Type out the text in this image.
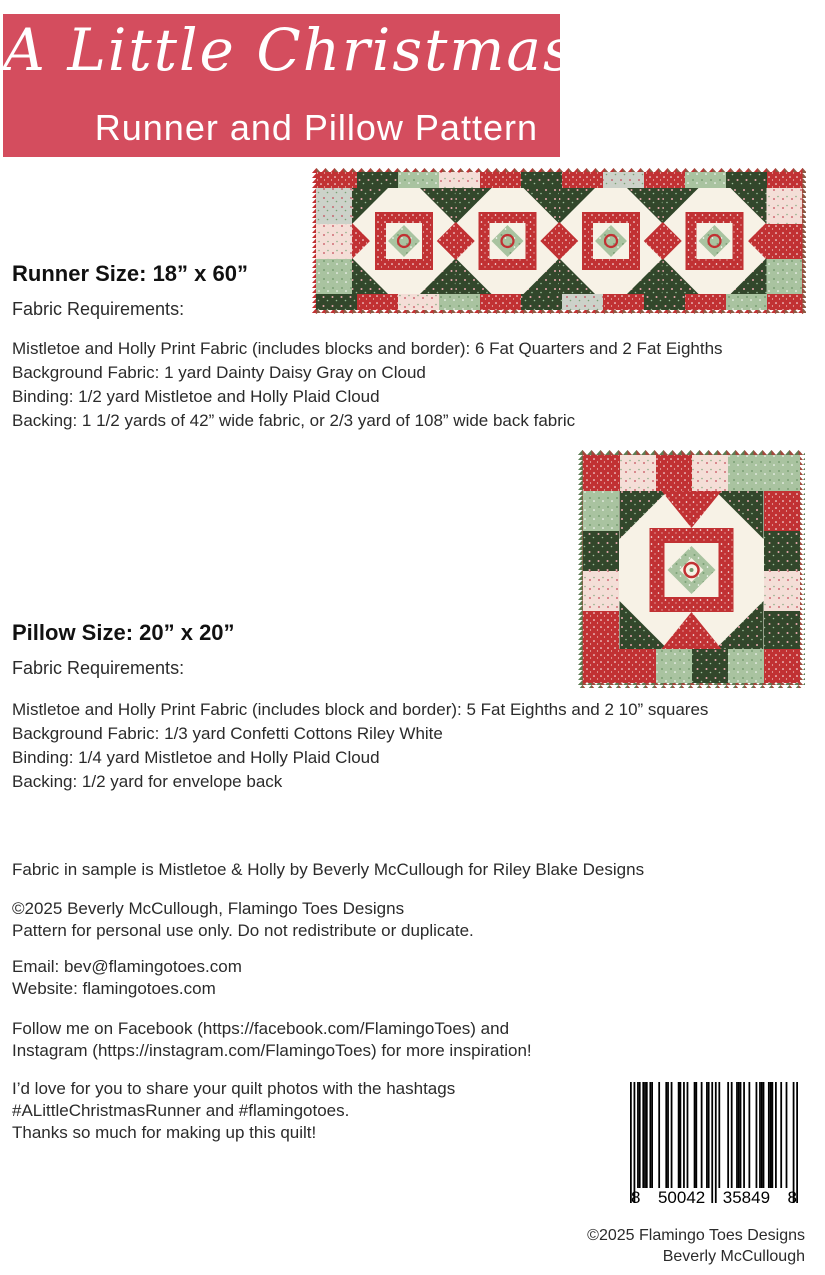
A Little Christmas
Runner and Pillow Pattern
Runner Size: 18” x 60”
Fabric Requirements:
Mistletoe and Holly Print Fabric (includes blocks and border): 6 Fat Quarters and 2 Fat Eighths
Background Fabric: 1 yard Dainty Daisy Gray on Cloud
Binding: 1/2 yard Mistletoe and Holly Plaid Cloud
Backing: 1 1/2 yards of 42” wide fabric, or 2/3 yard of 108” wide back fabric
Pillow Size: 20” x 20”
Fabric Requirements:
Mistletoe and Holly Print Fabric (includes block and border): 5 Fat Eighths and 2 10” squares
Background Fabric: 1/3 yard Confetti Cottons Riley White
Binding: 1/4 yard Mistletoe and Holly Plaid Cloud
Backing: 1/2 yard for envelope back
Fabric in sample is Mistletoe & Holly by Beverly McCullough for Riley Blake Designs
©2025 Beverly McCullough, Flamingo Toes Designs
Pattern for personal use only. Do not redistribute or duplicate.
Email: bev@flamingotoes.com
Website: flamingotoes.com
Follow me on Facebook (https://facebook.com/FlamingoToes) and
Instagram (https://instagram.com/FlamingoToes) for more inspiration!
I’d love for you to share your quilt photos with the hashtags
#ALittleChristmasRunner and #flamingotoes.
Thanks so much for making up this quilt!
8 50042 35849 8
©2025 Flamingo Toes Designs
Beverly McCullough
